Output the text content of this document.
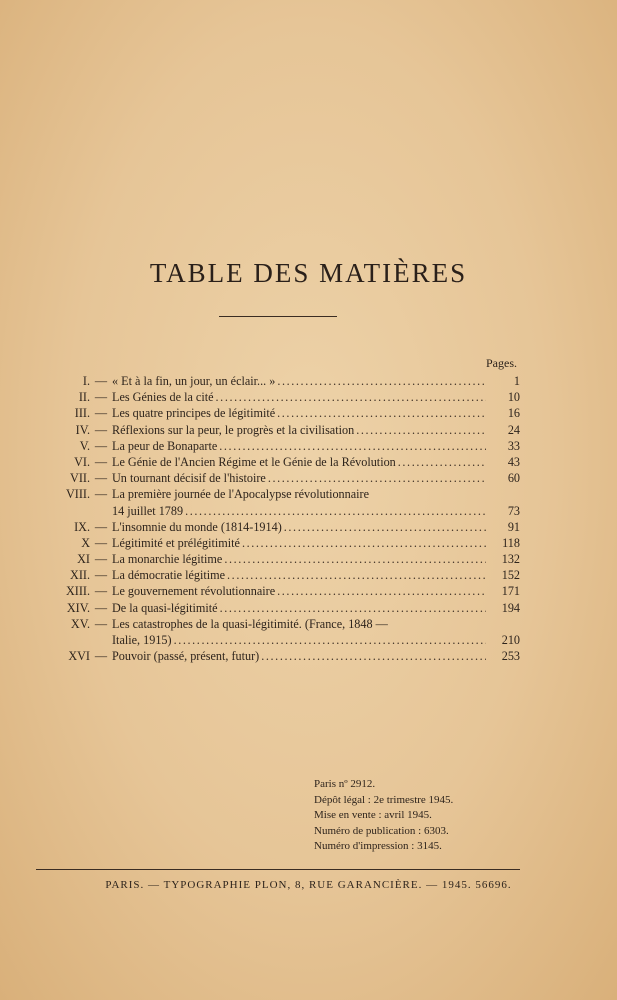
TABLE DES MATIÈRES
Pages.
I. — « Et à la fin, un jour, un éclair... » .....	1
II. — Les Génies de la cité .....	10
III. — Les quatre principes de légitimité .....	16
IV. — Réflexions sur la peur, le progrès et la civilisation .....	24
V. — La peur de Bonaparte .....	33
VI. — Le Génie de l'Ancien Régime et le Génie de la Révolution .....	43
VII. — Un tournant décisif de l'histoire .....	60
VIII. — La première journée de l'Apocalypse révolutionnaire
14 juillet 1789 .....	73
IX. — L'insomnie du monde (1814-1914) .....	91
X — Légitimité et prélégitimité .....	118
XI — La monarchie légitime .....	132
XII. — La démocratie légitime .....	152
XIII. — Le gouvernement révolutionnaire .....	171
XIV. — De la quasi-légitimité .....	194
XV. — Les catastrophes de la quasi-légitimité. (France, 1848 —
Italie, 1915) .....	210
XVI — Pouvoir (passé, présent, futur) .....	253
Paris nº 2912.
Dépôt légal : 2e trimestre 1945.
Mise en vente : avril 1945.
Numéro de publication : 6303.
Numéro d'impression : 3145.
PARIS. — TYPOGRAPHIE PLON, 8, RUE GARANCIÈRE. — 1945. 56696.
